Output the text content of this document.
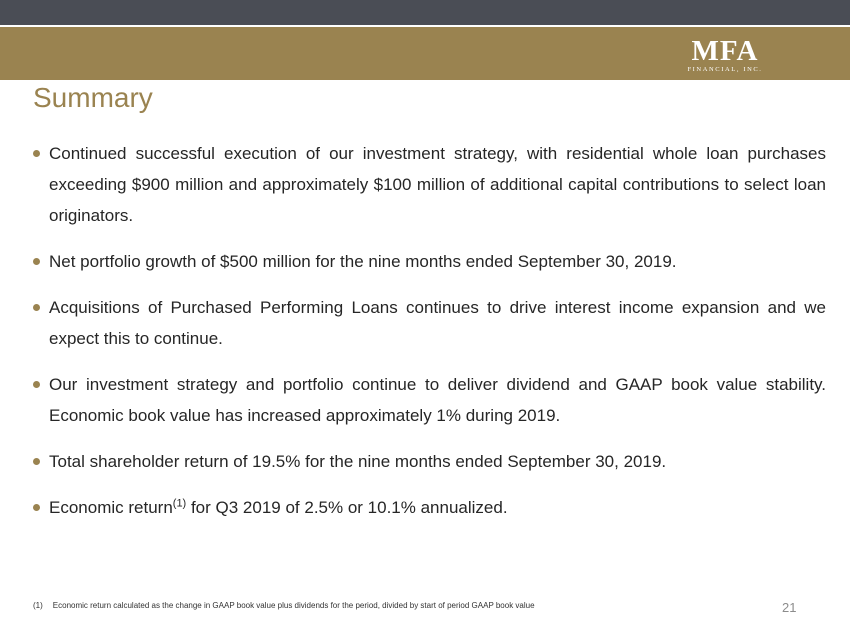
MFA
FINANCIAL, INC.
Summary
Continued successful execution of our investment strategy, with residential whole loan purchases exceeding $900 million and approximately $100 million of additional capital contributions to select loan originators.
Net portfolio growth of $500 million for the nine months ended September 30, 2019.
Acquisitions of Purchased Performing Loans continues to drive interest income expansion and we expect this to continue.
Our investment strategy and portfolio continue to deliver dividend and GAAP book value stability. Economic book value has increased approximately 1% during 2019.
Total shareholder return of 19.5% for the nine months ended September 30, 2019.
Economic return$^{(1)}$ for Q3 2019 of 2.5% or 10.1% annualized.
(1) Economic return calculated as the change in GAAP book value plus dividends for the period, divided by start of period GAAP book value	21
